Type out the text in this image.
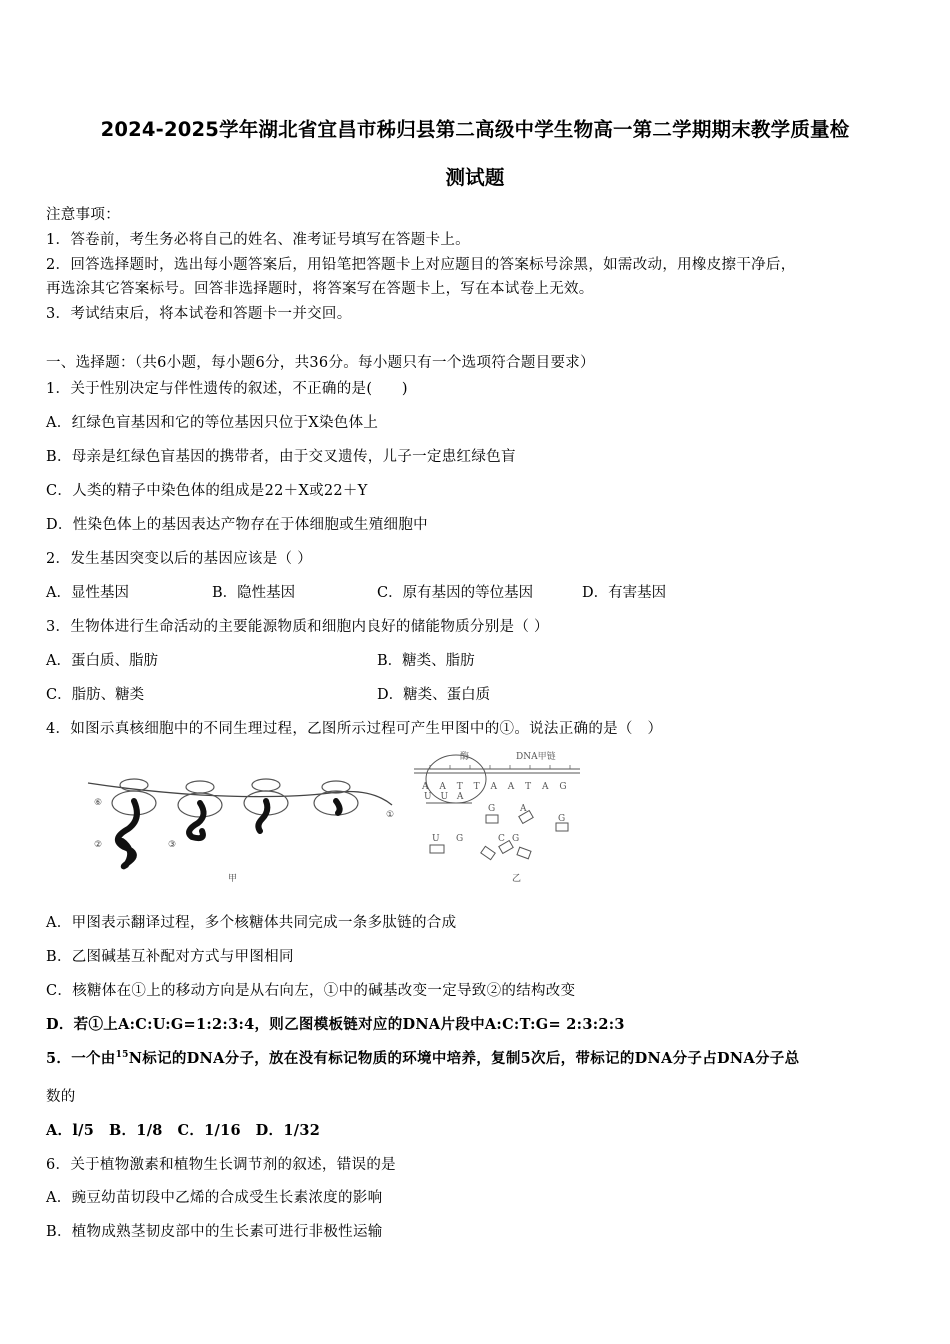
2024-2025学年湖北省宜昌市秭归县第二高级中学生物高一第二学期期末教学质量检
测试题
注意事项：
1．答卷前，考生务必将自己的姓名、准考证号填写在答题卡上。
2．回答选择题时，选出每小题答案后，用铅笔把答题卡上对应题目的答案标号涂黑，如需改动，用橡皮擦干净后，
再选涂其它答案标号。回答非选择题时，将答案写在答题卡上，写在本试卷上无效。
3．考试结束后，将本试卷和答题卡一并交回。
一、选择题：（共6小题，每小题6分，共36分。每小题只有一个选项符合题目要求）
1．关于性别决定与伴性遗传的叙述，不正确的是(　　)
A．红绿色盲基因和它的等位基因只位于X染色体上
B．母亲是红绿色盲基因的携带者，由于交叉遗传，儿子一定患红绿色盲
C．人类的精子中染色体的组成是22＋X或22＋Y
D．性染色体上的基因表达产物存在于体细胞或生殖细胞中
2．发生基因突变以后的基因应该是（ ）
A．显性基因	B．隐性基因	C．原有基因的等位基因	D．有害基因
3．生物体进行生命活动的主要能源物质和细胞内良好的储能物质分别是（ ）
A．蛋白质、脂肪	B．糖类、脂肪
C．脂肪、糖类	D．糖类、蛋白质
4．如图示真核细胞中的不同生理过程，乙图所示过程可产生甲图中的①。说法正确的是（　）
⑥
①
②	③
甲	乙
酶	DNA甲链
A A T T A A T A G
U U A
G	A
G
U G	C G
A．甲图表示翻译过程，多个核糖体共同完成一条多肽链的合成
B．乙图碱基互补配对方式与甲图相同
C．核糖体在①上的移动方向是从右向左，①中的碱基改变一定导致②的结构改变
D．若①上A:C:U:G=1:2:3:4，则乙图模板链对应的DNA片段中A:C:T:G= 2:3:2:3
5．一个由$^{15}$N标记的DNA分子，放在没有标记物质的环境中培养，复制5次后，带标记的DNA分子占DNA分子总
数的
A．l/5　B．1/8　C．1/16　D．1/32
6．关于植物激素和植物生长调节剂的叙述，错误的是
A．豌豆幼苗切段中乙烯的合成受生长素浓度的影响
B．植物成熟茎韧皮部中的生长素可进行非极性运输
